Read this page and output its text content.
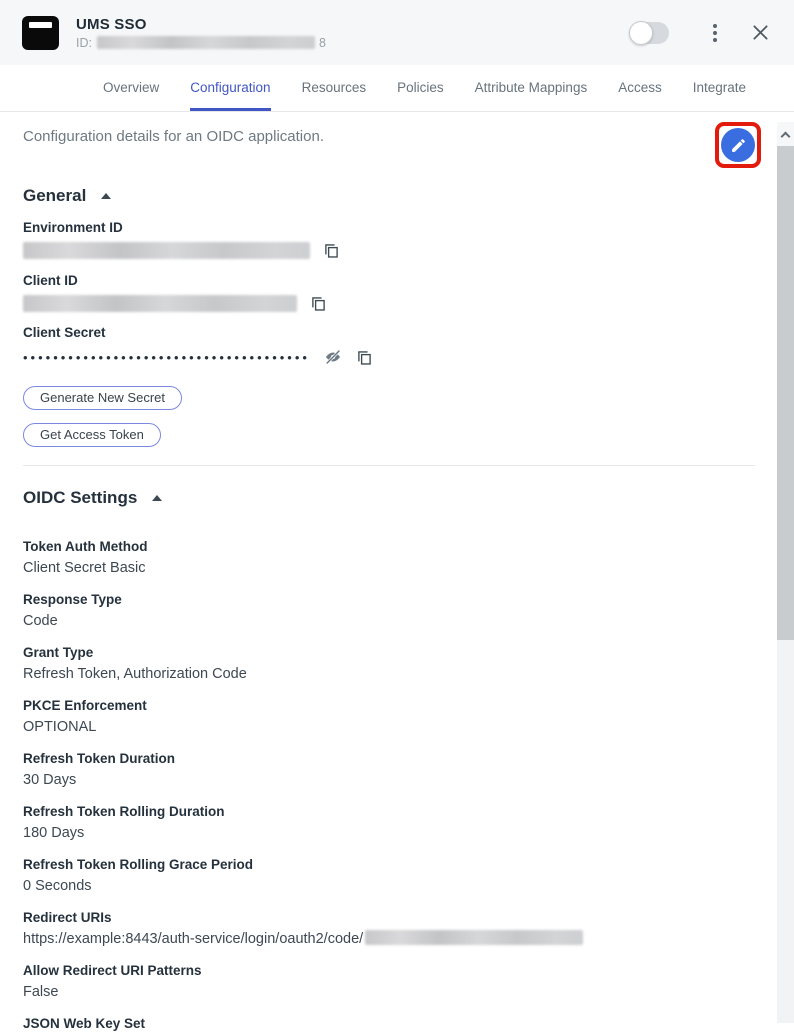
UMS SSO
ID:	8
Overview Configuration Resources Policies Attribute Mappings Access Integrate
Configuration details for an OIDC application.
General
Environment ID
Client ID
Client Secret
••••••••••••••••••••••••••••••••••••••
Generate New Secret
Get Access Token
OIDC Settings
Token Auth Method
Client Secret Basic
Response Type
Code
Grant Type
Refresh Token, Authorization Code
PKCE Enforcement
OPTIONAL
Refresh Token Duration
30 Days
Refresh Token Rolling Duration
180 Days
Refresh Token Rolling Grace Period
0 Seconds
Redirect URIs
https://example:8443/auth-service/login/oauth2/code/
Allow Redirect URI Patterns
False
JSON Web Key Set
